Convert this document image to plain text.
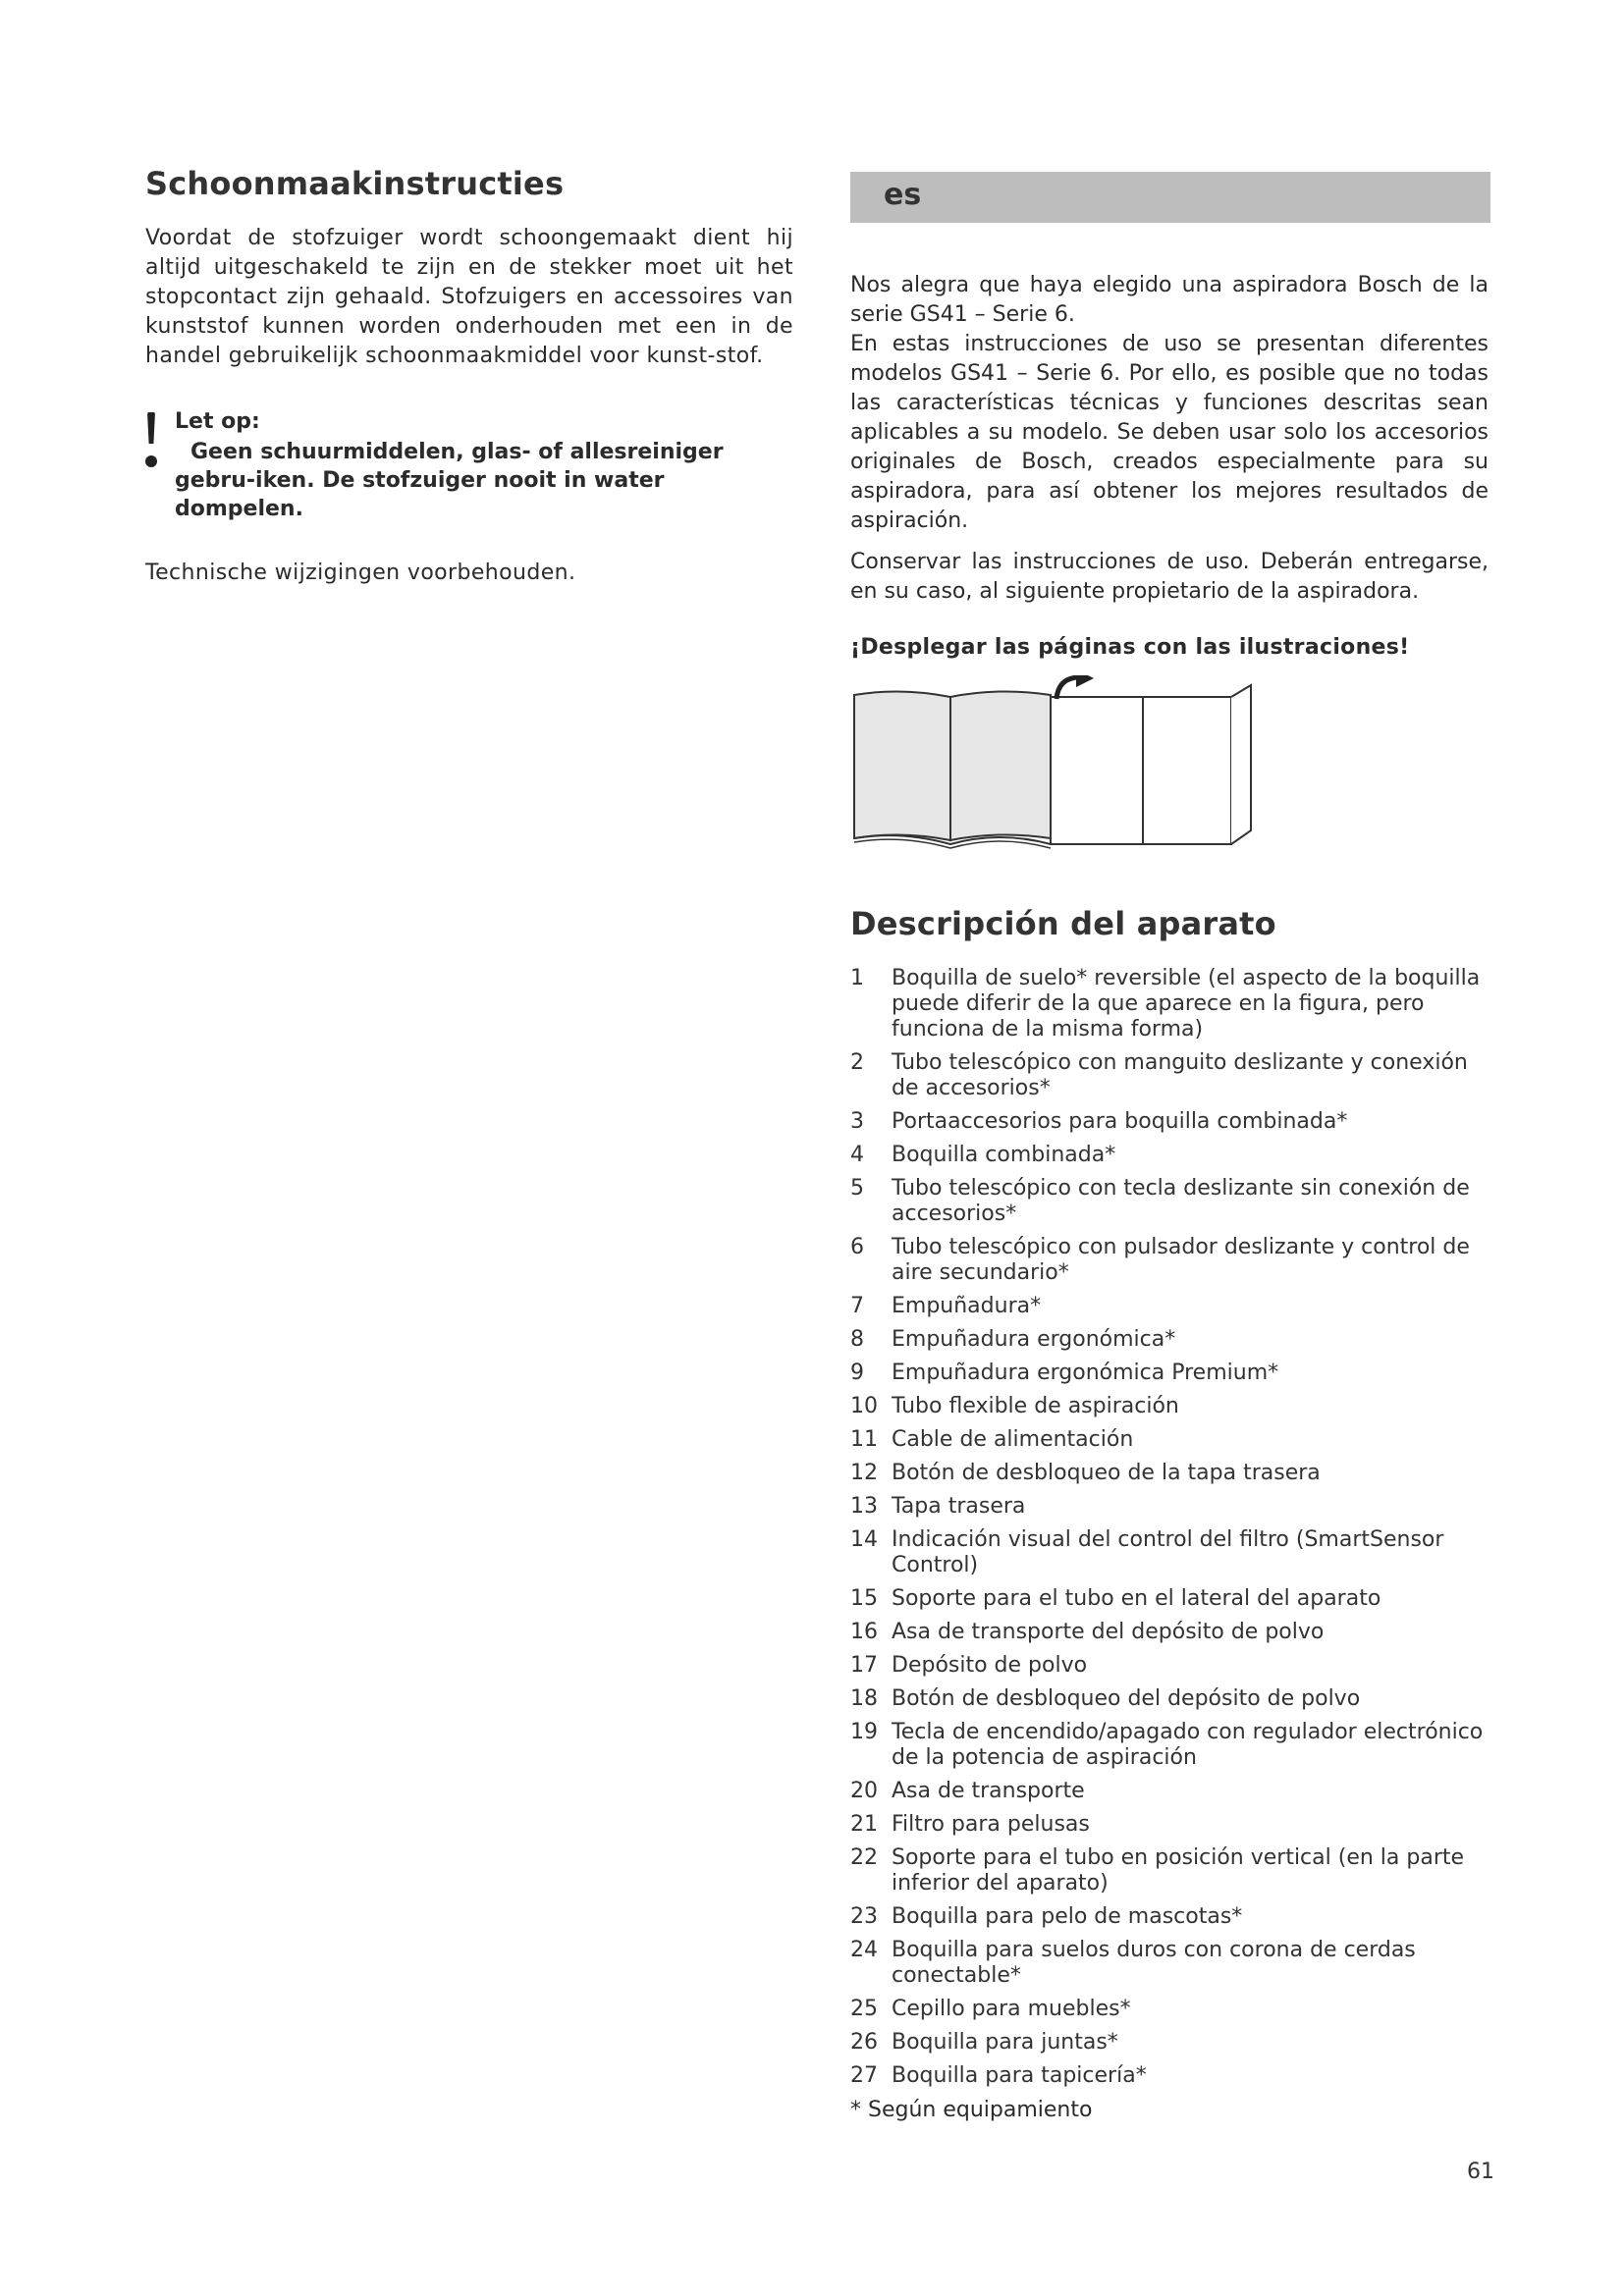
Schoonmaakinstructies

Voordat de stofzuiger wordt schoongemaakt dient hij altijd uitgeschakeld te zijn en de stekker moet uit het stopcontact zijn gehaald. Stofzuigers en accessoires van kunststof kunnen worden onderhouden met een in de handel gebruikelijk schoonmaakmiddel voor kunst-stof.

Let op:

Geen schuurmiddelen, glas- of allesreiniger gebru-iken. De stofzuiger nooit in water dompelen.

Technische wijzigingen voorbehouden.

es

Nos alegra que haya elegido una aspiradora Bosch de la serie GS41 – Serie 6.

En estas instrucciones de uso se presentan diferentes modelos GS41 – Serie 6. Por ello, es posible que no todas las características técnicas y funciones descritas sean aplicables a su modelo. Se deben usar solo los accesorios originales de Bosch, creados especialmente para su aspiradora, para así obtener los mejores resultados de aspiración.

Conservar las instrucciones de uso. Deberán entregarse, en su caso, al siguiente propietario de la aspiradora.

¡Desplegar las páginas con las ilustraciones!

Descripción del aparato
1 Boquilla de suelo* reversible (el aspecto de la boquilla puede diferir de la que aparece en la figura, pero funciona de la misma forma)
2 Tubo telescópico con manguito deslizante y conexión de accesorios*
3 Portaaccesorios para boquilla combinada*
4 Boquilla combinada*
5 Tubo telescópico con tecla deslizante sin conexión de accesorios*
6 Tubo telescópico con pulsador deslizante y control de aire secundario*
7 Empuñadura*
8 Empuñadura ergonómica*
9 Empuñadura ergonómica Premium*
10 Tubo flexible de aspiración
11 Cable de alimentación
12 Botón de desbloqueo de la tapa trasera
13 Tapa trasera
14 Indicación visual del control del filtro (SmartSensor Control)
15 Soporte para el tubo en el lateral del aparato
16 Asa de transporte del depósito de polvo
17 Depósito de polvo
18 Botón de desbloqueo del depósito de polvo
19 Tecla de encendido/apagado con regulador electrónico de la potencia de aspiración
20 Asa de transporte
21 Filtro para pelusas
22 Soporte para el tubo en posición vertical (en la parte inferior del aparato)
23 Boquilla para pelo de mascotas*
24 Boquilla para suelos duros con corona de cerdas conectable*
25 Cepillo para muebles*
26 Boquilla para juntas*
27 Boquilla para tapicería*

* Según equipamiento

61
